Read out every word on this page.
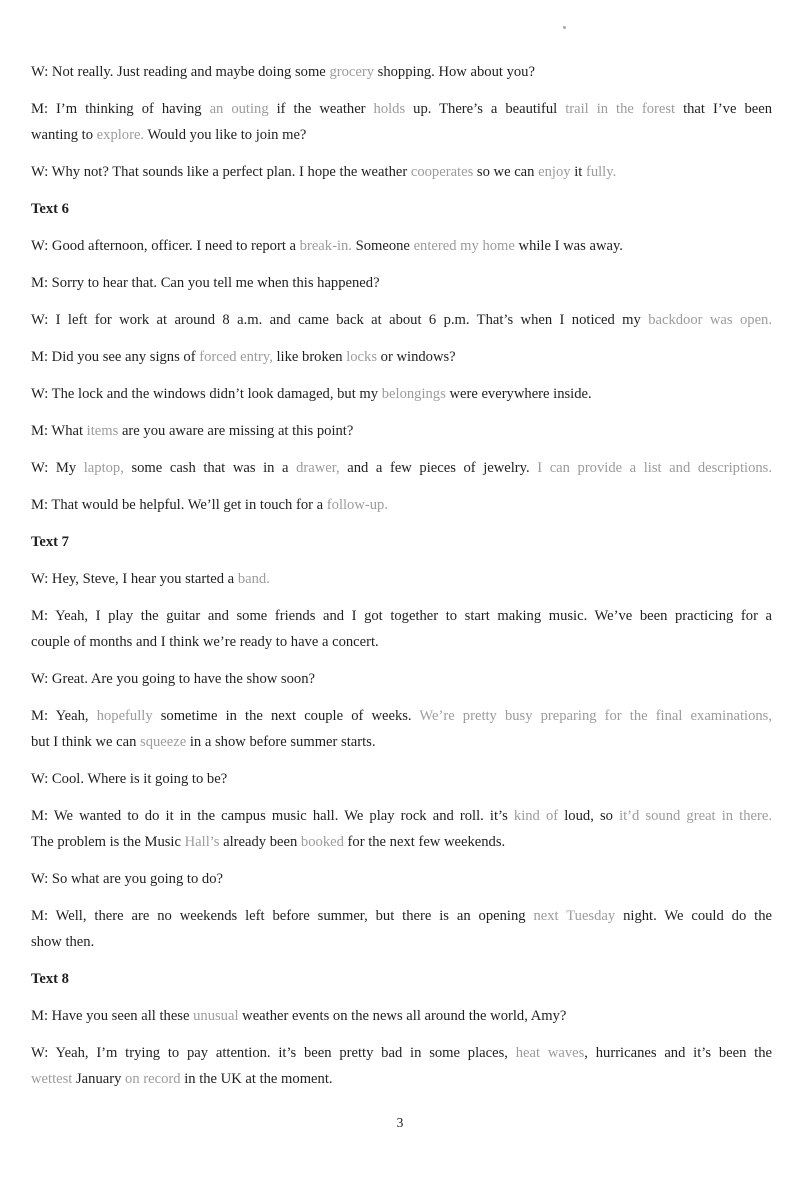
W: Not really. Just reading and maybe doing some grocery shopping. How about you?
M: I’m thinking of having an outing if the weather holds up. There’s a beautiful trail in the forest that I’ve been
wanting to explore. Would you like to join me?
W: Why not? That sounds like a perfect plan. I hope the weather cooperates so we can enjoy it fully.
Text 6
W: Good afternoon, officer. I need to report a break-in. Someone entered my home while I was away.
M: Sorry to hear that. Can you tell me when this happened?
W: I left for work at around 8 a.m. and came back at about 6 p.m. That’s when I noticed my backdoor was open.
M: Did you see any signs of forced entry, like broken locks or windows?
W: The lock and the windows didn’t look damaged, but my belongings were everywhere inside.
M: What items are you aware are missing at this point?
W: My laptop, some cash that was in a drawer, and a few pieces of jewelry. I can provide a list and descriptions.
M: That would be helpful. We’ll get in touch for a follow-up.
Text 7
W: Hey, Steve, I hear you started a band.
M: Yeah, I play the guitar and some friends and I got together to start making music. We’ve been practicing for a
couple of months and I think we’re ready to have a concert.
W: Great. Are you going to have the show soon?
M: Yeah, hopefully sometime in the next couple of weeks. We’re pretty busy preparing for the final examinations,
but I think we can squeeze in a show before summer starts.
W: Cool. Where is it going to be?
M: We wanted to do it in the campus music hall. We play rock and roll. it’s kind of loud, so it’d sound great in there.
The problem is the Music Hall’s already been booked for the next few weekends.
W: So what are you going to do?
M: Well, there are no weekends left before summer, but there is an opening next Tuesday night. We could do the
show then.
Text 8
M: Have you seen all these unusual weather events on the news all around the world, Amy?
W: Yeah, I’m trying to pay attention. it’s been pretty bad in some places, heat waves, hurricanes and it’s been the
wettest January on record in the UK at the moment.
3
